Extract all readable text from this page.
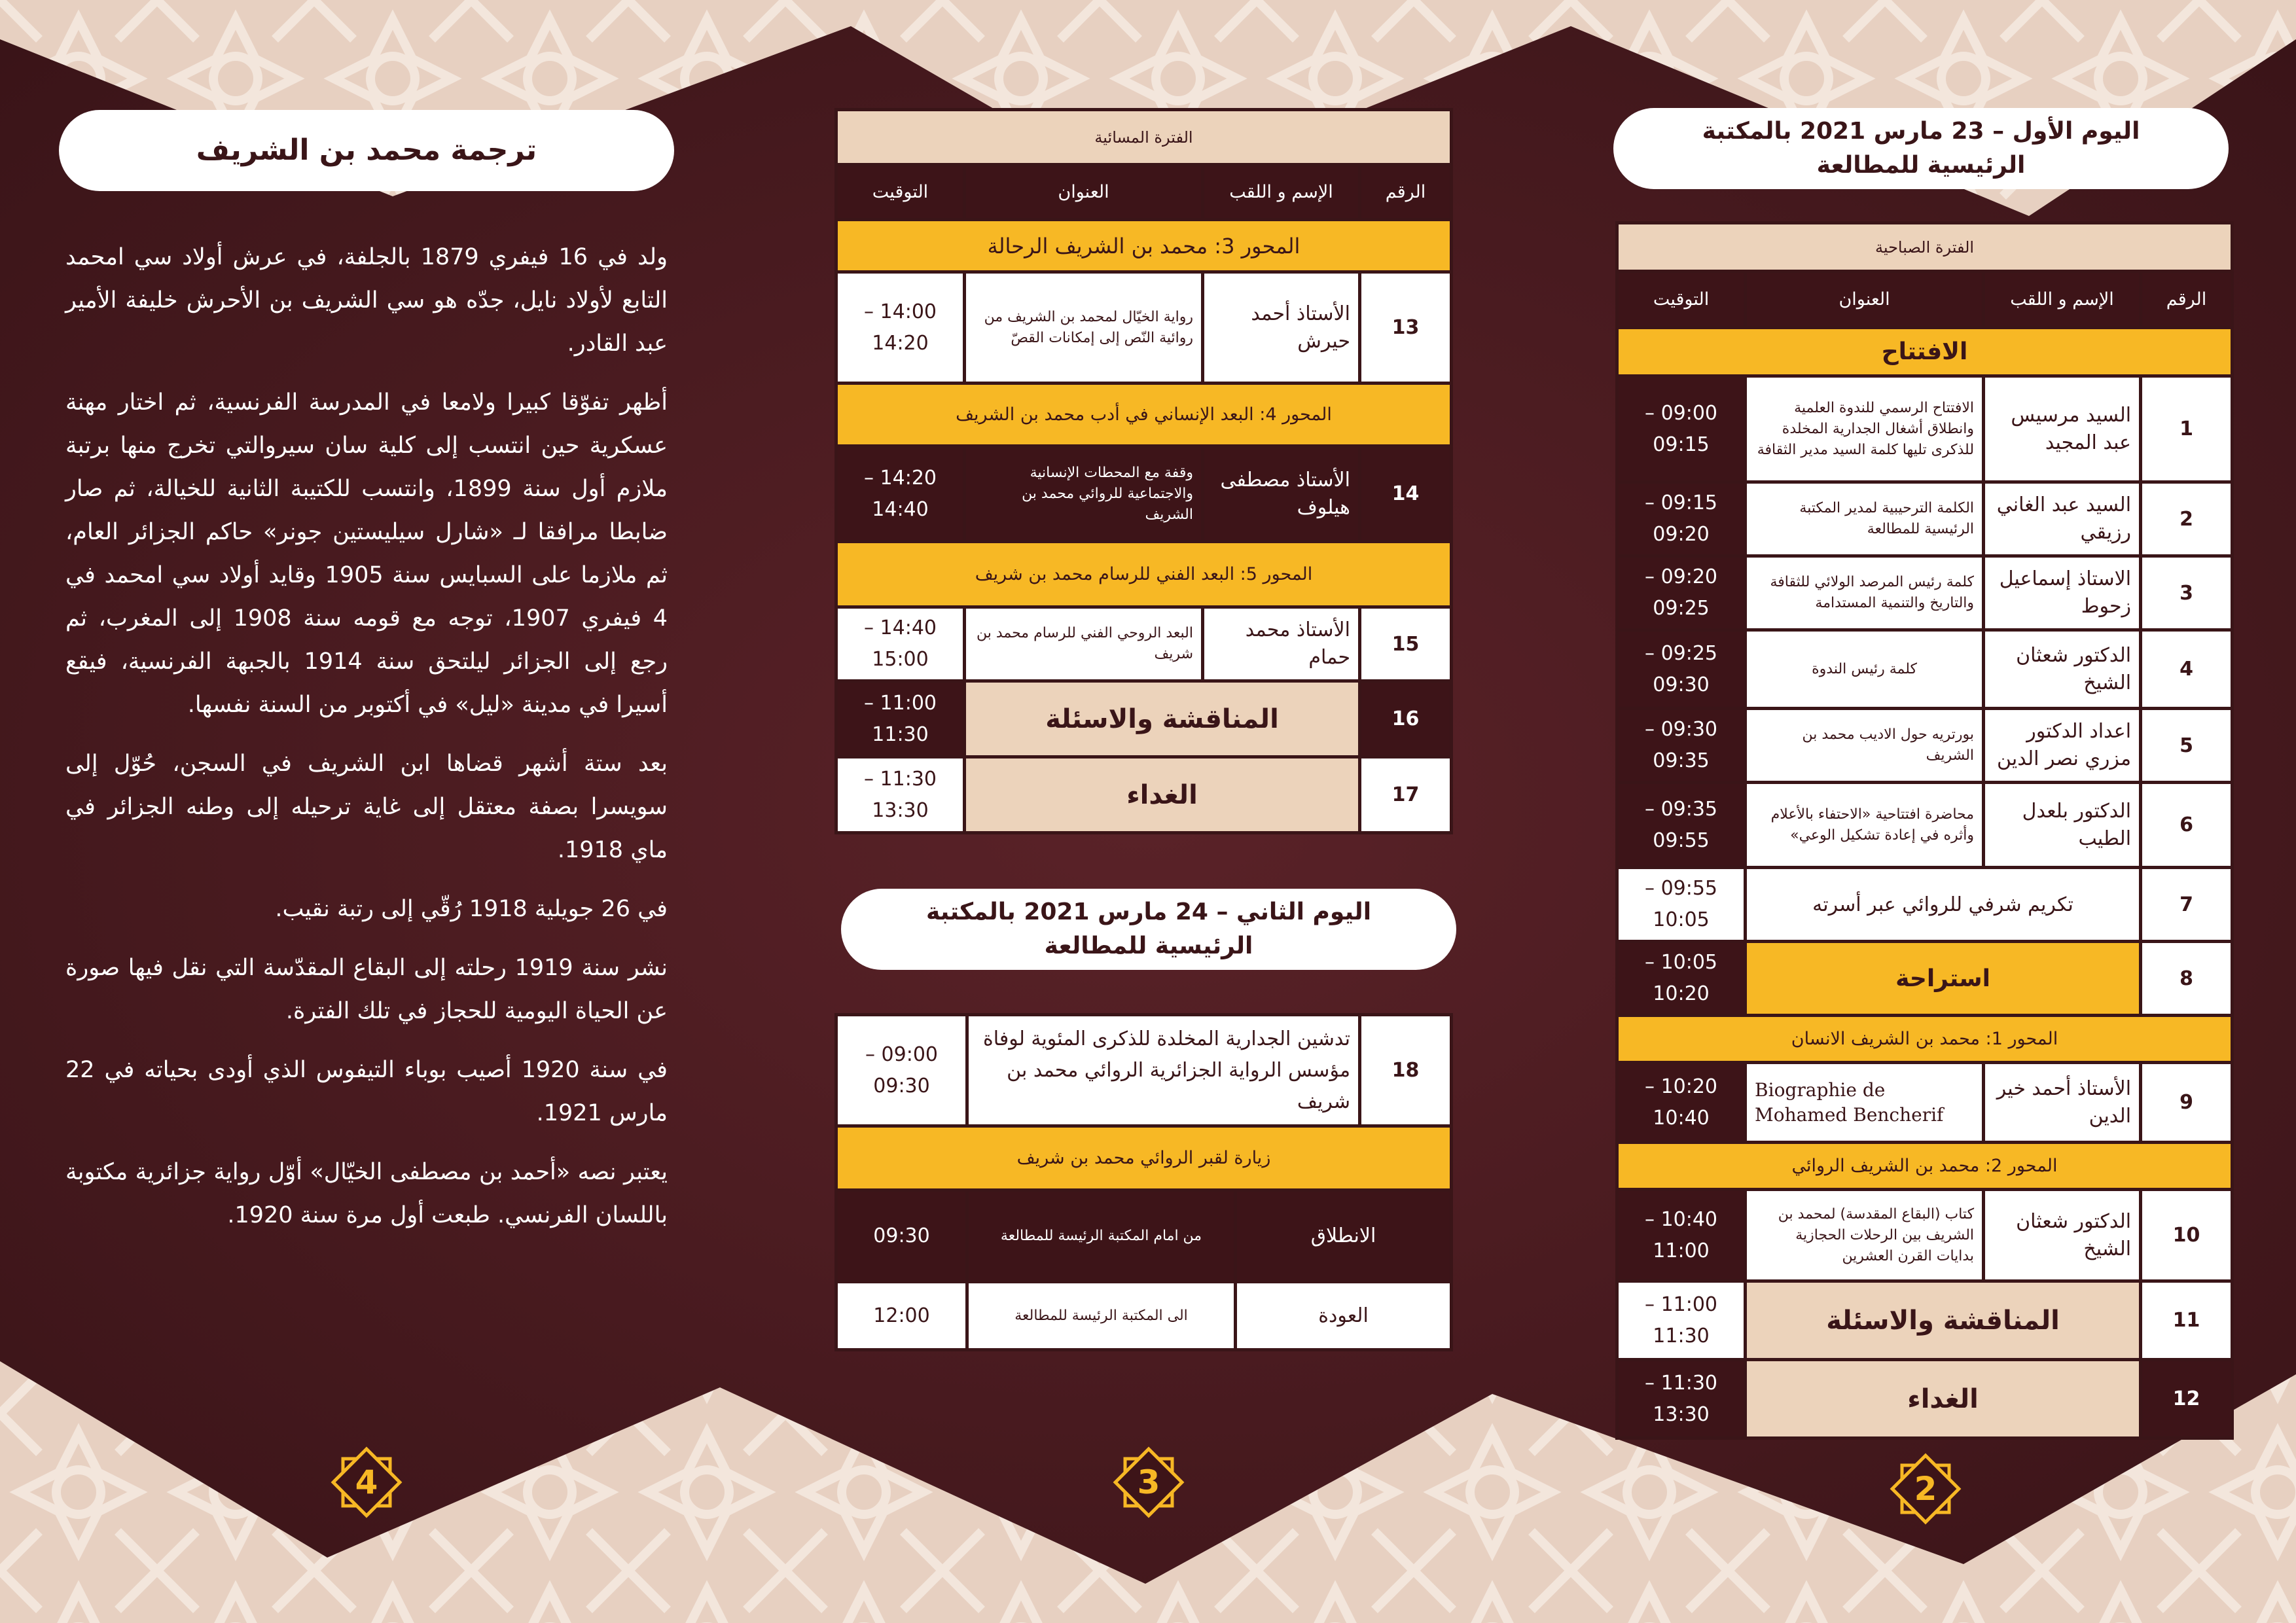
اليوم الأول – 23 مارس 2021 بالمكتبة الرئيسية للمطالعة
الفترة الصباحية			
الرقم	الإسم و اللقب	العنوان	التوقيت
الافتتاح			
1	السيد مرسيس عبد المجيد	الافتتاح الرسمي للندوة العلمية وانطلاق أشغال الجدارية المخلدة للذكرى تليها كلمة السيد مدير الثقافة	09:00 –
09:15
2	السيد عبد الغاني رزيقي	الكلمة الترحيبية لمدير المكتبة الرئيسية للمطالعة	09:15 –
09:20
3	الاستاذ إسماعيل زحوط	كلمة رئيس المرصد الولائي للثقافة والتاريخ والتنمية المستدامة	09:20 –
09:25
4	الدكتور شعثان الشيخ	كلمة رئيس الندوة	09:25 –
09:30
5	اعداد الدكتور مزري نصر الدين	بورتريه حول الاديب محمد بن الشريف	09:30 –
09:35
6	الدكتور بلعدل الطيب	محاضرة افتتاحية «الاحتفاء بالأعلام وأثره في إعادة تشكيل الوعي»	09:35 –
09:55
7	تكريم شرفي للروائي عبر أسرته		09:55 –
10:05
8	استراحة		10:05 –
10:20
المحور 1: محمد بن الشريف الانسان			
9	الأستاذ أحمد خير الدين	Biographie de Mohamed Bencherif	10:20 –
10:40
المحور 2: محمد بن الشريف الروائي			
10	الدكتور شعثان الشيخ	كتاب (البقاع المقدسة) لمحمد بن الشريف بين الرحلات الحجازية بدايات القرن العشرين	10:40 –
11:00
11	المناقشة والاسئلة		11:00 –
11:30
12	الغداء		11:30 –
13:30
الفترة المسائية			
الرقم	الإسم و اللقب	العنوان	التوقيت
المحور 3: محمد بن الشريف الرحالة			
13	الأستاذ أحمد حيرش	رواية الخيّال لمحمد بن الشريف من روائية النّص إلى إمكانات القصّ	14:00 –
14:20
المحور 4: البعد الإنساني في أدب محمد بن الشريف			
14	الأستاذ مصطفى هيلوف	وقفة مع المحطات الإنسانية والاجتماعية للروائي محمد بن الشريف	14:20 –
14:40
المحور 5: البعد الفني للرسام محمد بن شريف			
15	الأستاذ محمد حمام	البعد الروحي الفني للرسام محمد بن شريف	14:40 –
15:00
16	المناقشة والاسئلة		11:00 –
11:30
17	الغداء		11:30 –
13:30
اليوم الثاني – 24 مارس 2021 بالمكتبة الرئيسية للمطالعة
18	تدشين الجدارية المخلدة للذكرى المئوية لوفاة مؤسس الرواية الجزائرية الروائي محمد بن شريف		09:00 –
09:30
زيارة لقبر الروائي محمد بن شريف			
الانطلاق		من امام المكتبة الرئيسة للمطالعة	09:30
العودة		الى المكتبة الرئيسة للمطالعة	12:00
ترجمة محمد بن الشريف

ولد في 16 فيفري 1879 بالجلفة، في عرش أولاد سي امحمد التابع لأولاد نايل، جدّه هو سي الشريف بن الأحرش خليفة الأمير عبد القادر.

أظهر تفوّقا كبيرا ولامعا في المدرسة الفرنسية، ثم اختار مهنة عسكرية حين انتسب إلى كلية سان سيروالتي تخرج منها برتبة ملازم أول سنة 1899، وانتسب للكتيبة الثانية للخيالة، ثم صار ضابطا مرافقا لـ «شارل سيليستين جونر» حاكم الجزائر العام، ثم ملازما على السبايس سنة 1905 وقايد أولاد سي امحمد في 4 فيفري 1907، توجه مع قومه سنة 1908 إلى المغرب، ثم رجع إلى الجزائر ليلتحق سنة 1914 بالجبهة الفرنسية، فيقع أسيرا في مدينة «ليل» في أكتوبر من السنة نفسها.

بعد ستة أشهر قضاها ابن الشريف في السجن، حُوّل إلى سويسرا بصفة معتقل إلى غاية ترحيله إلى وطنه الجزائر في ماي 1918.

في 26 جويلية 1918 رُقّي إلى رتبة نقيب.

نشر سنة 1919 رحلته إلى البقاع المقدّسة التي نقل فيها صورة عن الحياة اليومية للحجاز في تلك الفترة.

في سنة 1920 أصيب بوباء التيفوس الذي أودى بحياته في 22 مارس 1921.

يعتبر نصه «أحمد بن مصطفى الخيّال» أوّل رواية جزائرية مكتوبة باللسان الفرنسي. طبعت أول مرة سنة 1920.

2
3
4
